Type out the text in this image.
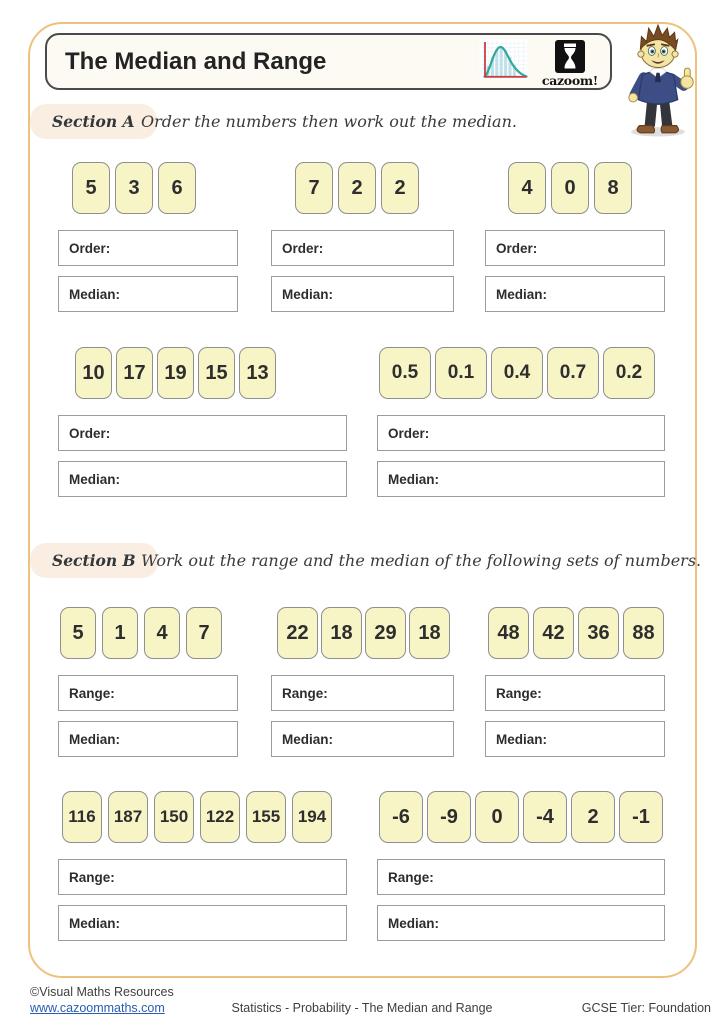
The Median and Range
cazoom!
Section A Order the numbers then work out the median.
Section B Work out the range and the median of the following sets of numbers.
5	3	6
Order:
Median:
7	2	2
Order:
Median:
4	0	8
Order:
Median:
10 17 19 15 13
Order:
Median:
0.5	0.1	0.4	0.7	0.2
Order:
Median:
5	1	4	7
Range:
Median:
22	18	29	18
Range:
Median:
48	42	36	88
Range:
Median:
116	187	150	122	155	194
Range:
Median:
-6	-9	0	-4	2	-1
Range:
Median:
©Visual Maths Resources
www.cazoommaths.com	Statistics - Probability - The Median and Range	GCSE Tier: Foundation
